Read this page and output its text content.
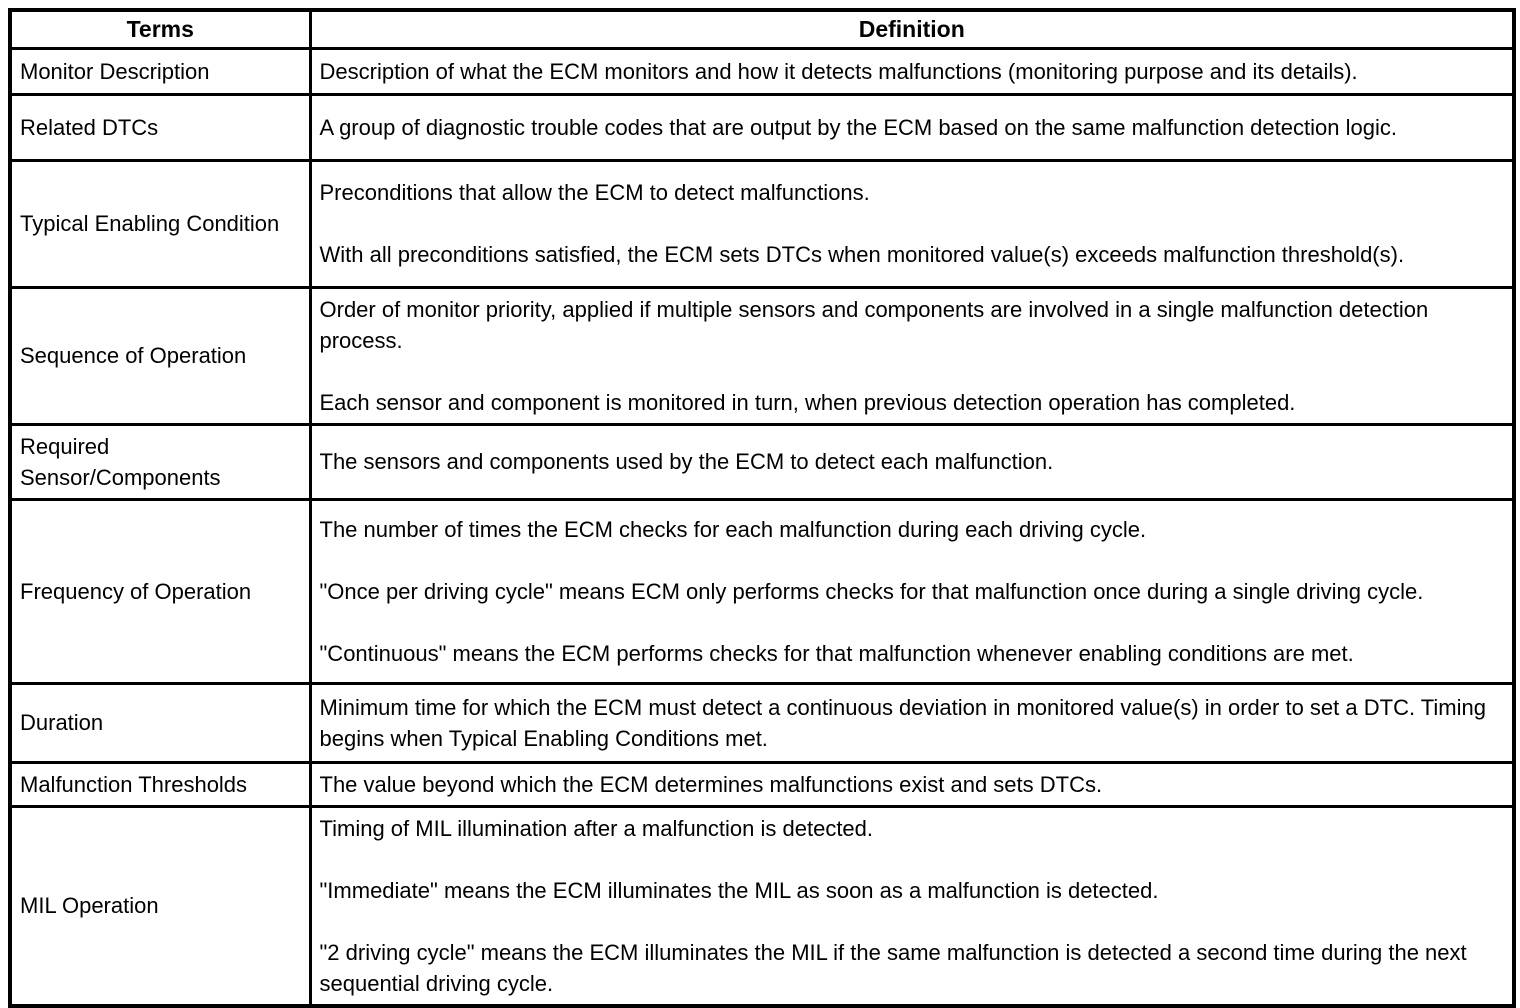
Terms	Definition
Monitor Description	Description of what the ECM monitors and how it detects malfunctions (monitoring purpose and its details).

Related DTCs	A group of diagnostic trouble codes that are output by the ECM based on the same malfunction detection logic.

Typical Enabling Condition	Preconditions that allow the ECM to detect malfunctions.

With all preconditions satisfied, the ECM sets DTCs when monitored value(s) exceeds malfunction threshold(s).

Sequence of Operation	Order of monitor priority, applied if multiple sensors and components are involved in a single malfunction detection process.

Each sensor and component is monitored in turn, when previous detection operation has completed.

Required Sensor/Components	The sensors and components used by the ECM to detect each malfunction.

Frequency of Operation	The number of times the ECM checks for each malfunction during each driving cycle.

"Once per driving cycle" means ECM only performs checks for that malfunction once during a single driving cycle.

"Continuous" means the ECM performs checks for that malfunction whenever enabling conditions are met.

Duration	Minimum time for which the ECM must detect a continuous deviation in monitored value(s) in order to set a DTC. Timing begins when Typical Enabling Conditions met.

Malfunction Thresholds	The value beyond which the ECM determines malfunctions exist and sets DTCs.

MIL Operation	Timing of MIL illumination after a malfunction is detected.

"Immediate" means the ECM illuminates the MIL as soon as a malfunction is detected.

"2 driving cycle" means the ECM illuminates the MIL if the same malfunction is detected a second time during the next sequential driving cycle.
